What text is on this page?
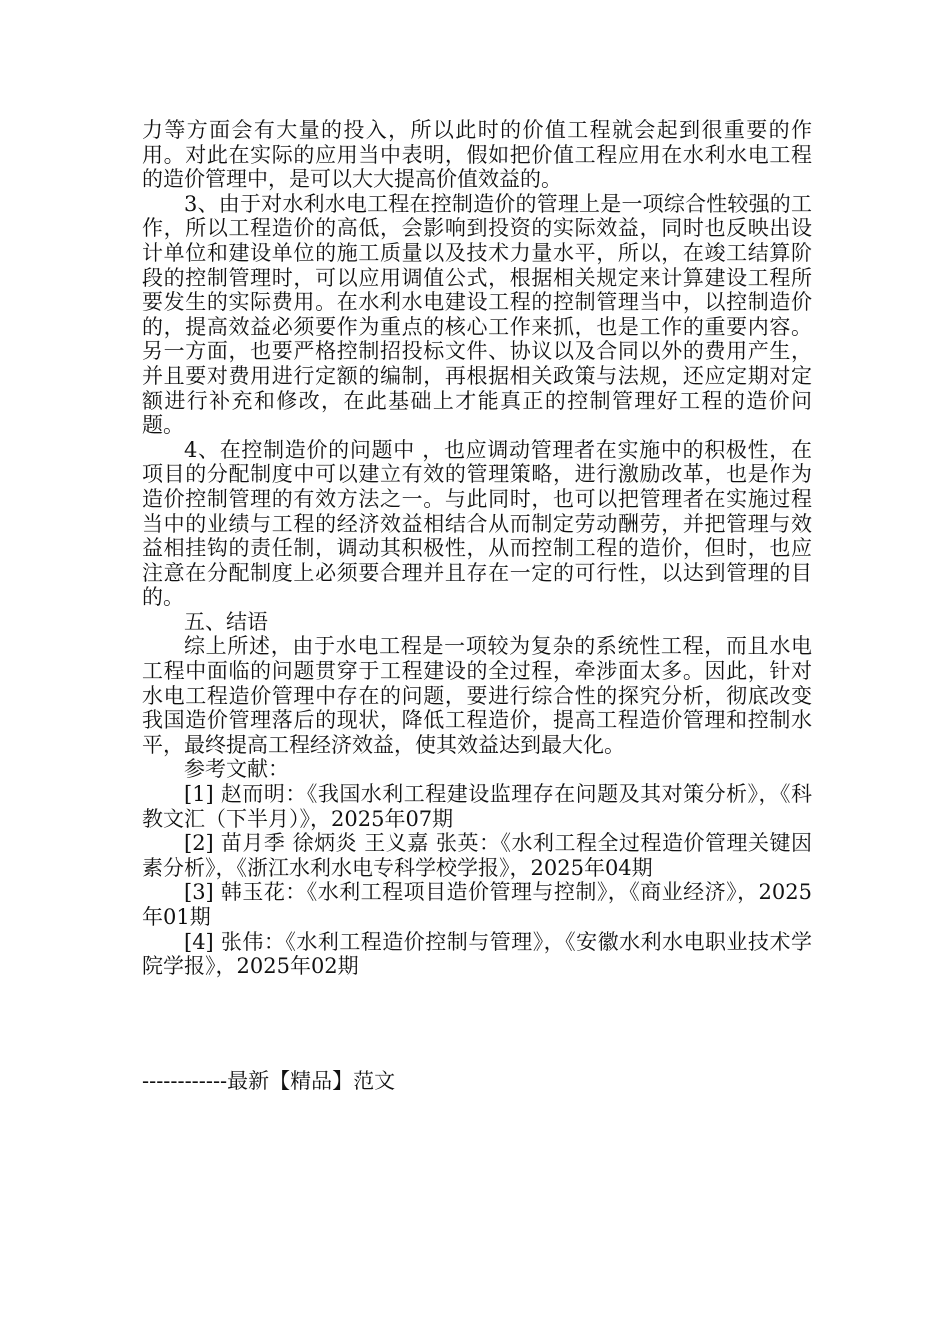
力等方面会有大量的投入，所以此时的价值工程就会起到很重要的作用。对此在实际的应用当中表明，假如把价值工程应用在水利水电工程的造价管理中，是可以大大提高价值效益的。

3、由于对水利水电工程在控制造价的管理上是一项综合性较强的工作，所以工程造价的高低，会影响到投资的实际效益，同时也反映出设计单位和建设单位的施工质量以及技术力量水平，所以，在竣工结算阶段的控制管理时，可以应用调值公式，根据相关规定来计算建设工程所要发生的实际费用。在水利水电建设工程的控制管理当中，以控制造价的，提高效益必须要作为重点的核心工作来抓，也是工作的重要内容。另一方面，也要严格控制招投标文件、协议以及合同以外的费用产生，并且要对费用进行定额的编制，再根据相关政策与法规，还应定期对定额进行补充和修改，在此基础上才能真正的控制管理好工程的造价问题。

4、在控制造价的问题中 ，也应调动管理者在实施中的积极性，在项目的分配制度中可以建立有效的管理策略，进行激励改革，也是作为造价控制管理的有效方法之一。与此同时，也可以把管理者在实施过程当中的业绩与工程的经济效益相结合从而制定劳动酬劳，并把管理与效益相挂钩的责任制，调动其积极性，从而控制工程的造价，但时，也应注意在分配制度上必须要合理并且存在一定的可行性，以达到管理的目的。

五、结语

综上所述，由于水电工程是一项较为复杂的系统性工程，而且水电工程中面临的问题贯穿于工程建设的全过程，牵涉面太多。因此，针对水电工程造价管理中存在的问题，要进行综合性的探究分析，彻底改变我国造价管理落后的现状，降低工程造价，提高工程造价管理和控制水平，最终提高工程经济效益，使其效益达到最大化。

参考文献：

[1] 赵而明：《我国水利工程建设监理存在问题及其对策分析》，《科教文汇（下半月）》，2025年07期

[2] 苗月季 徐炳炎 王义嘉 张英：《水利工程全过程造价管理关键因素分析》，《浙江水利水电专科学校学报》，2025年04期

[3] 韩玉花：《水利工程项目造价管理与控制》，《商业经济》，2025年01期

[4] 张伟：《水利工程造价控制与管理》，《安徽水利水电职业技术学院学报》，2025年02期

------------最新【精品】范文
